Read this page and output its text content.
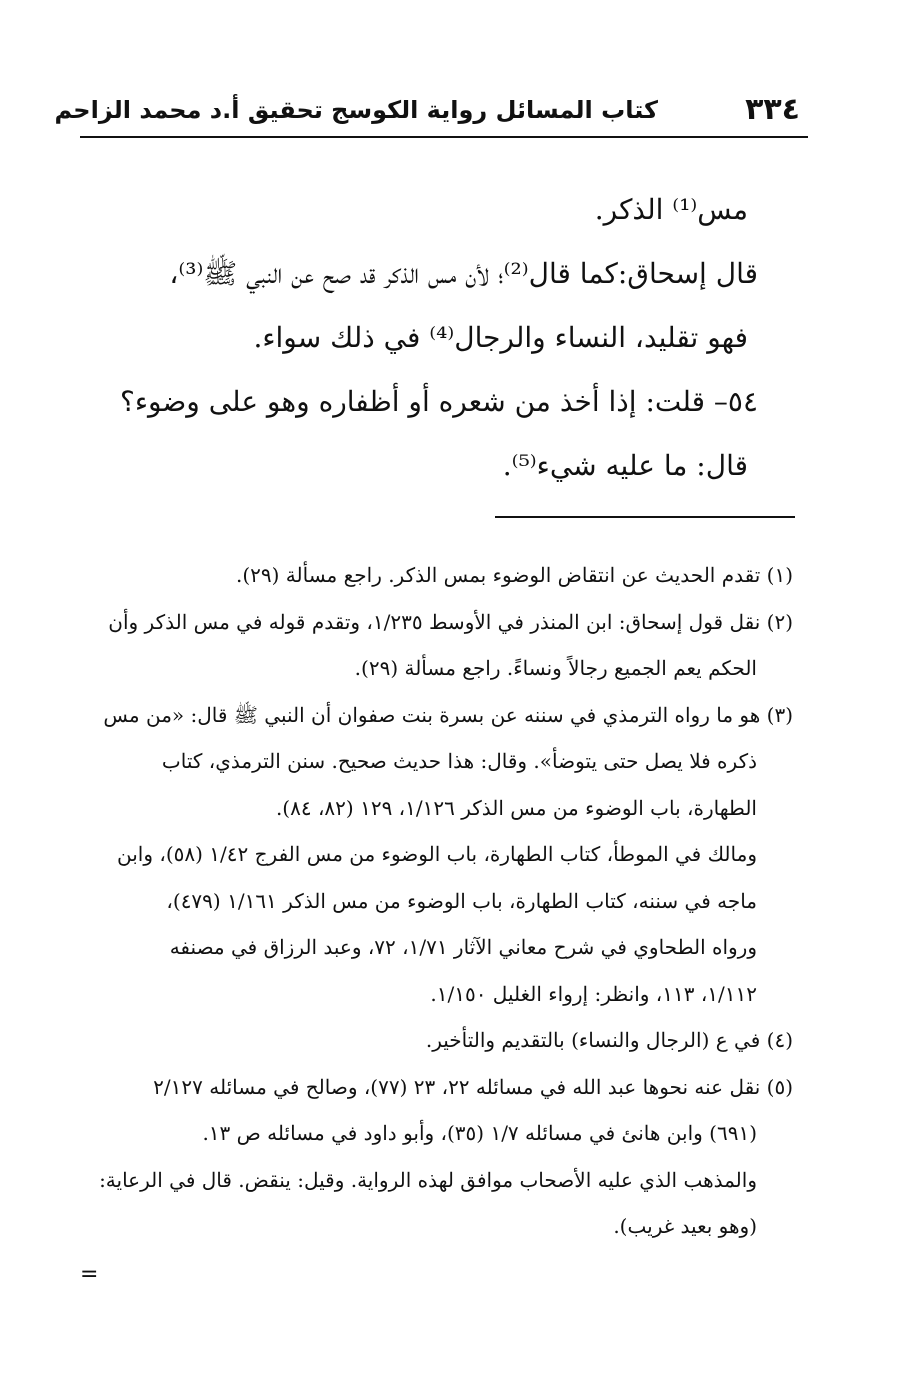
٣٣٤
كتاب المسائل رواية الكوسج تحقيق أ.د محمد الزاحم
مس⁽¹⁾ الذكر.
قال إسحاق:كما قال⁽²⁾؛ لأن مس الذكر قد صح عن النبي ﷺ⁽³⁾،
فهو تقليد، النساء والرجال⁽⁴⁾ في ذلك سواء.
٥٤– قلت: إذا أخذ من شعره أو أظفاره وهو على وضوء؟
قال: ما عليه شيء⁽⁵⁾.
(١) تقدم الحديث عن انتقاض الوضوء بمس الذكر. راجع مسألة (٢٩).
(٢) نقل قول إسحاق: ابن المنذر في الأوسط ١/٢٣٥، وتقدم قوله في مس الذكر وأن
الحكم يعم الجميع رجالاً ونساءً. راجع مسألة (٢٩).
(٣) هو ما رواه الترمذي في سننه عن بسرة بنت صفوان أن النبي ﷺ قال: «من مس
ذكره فلا يصل حتى يتوضأ». وقال: هذا حديث صحيح. سنن الترمذي، كتاب
الطهارة، باب الوضوء من مس الذكر ١/١٢٦، ١٢٩ (٨٢، ٨٤).
ومالك في الموطأ، كتاب الطهارة، باب الوضوء من مس الفرج ١/٤٢ (٥٨)، وابن
ماجه في سننه، كتاب الطهارة، باب الوضوء من مس الذكر ١/١٦١ (٤٧٩)،
ورواه الطحاوي في شرح معاني الآثار ١/٧١، ٧٢، وعبد الرزاق في مصنفه
١/١١٢، ١١٣، وانظر: إرواء الغليل ١/١٥٠.
(٤) في ع (الرجال والنساء) بالتقديم والتأخير.
(٥) نقل عنه نحوها عبد الله في مسائله ٢٢، ٢٣ (٧٧)، وصالح في مسائله ٢/١٢٧
(٦٩١) وابن هانئ في مسائله ١/٧ (٣٥)، وأبو داود في مسائله ص ١٣.
والمذهب الذي عليه الأصحاب موافق لهذه الرواية. وقيل: ينقض. قال في الرعاية:
(وهو بعيد غريب).
=
